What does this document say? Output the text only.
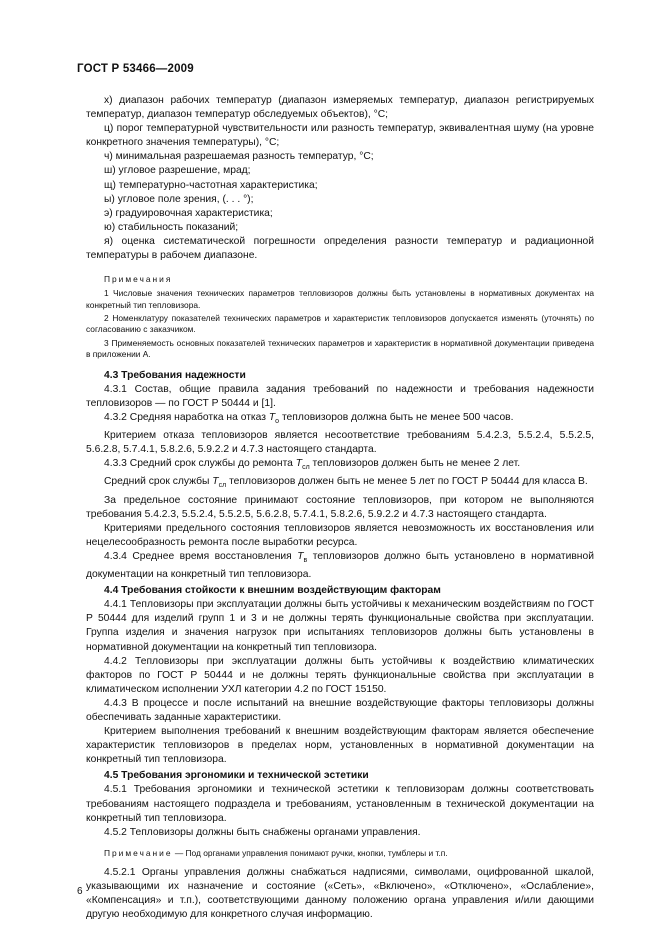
ГОСТ Р 53466—2009

х) диапазон рабочих температур (диапазон измеряемых температур, диапазон регистрируемых температур, диапазон температур обследуемых объектов), °С;

ц) порог температурной чувствительности или разность температур, эквивалентная шуму (на уровне конкретного значения температуры), °С;

ч) минимальная разрешаемая разность температур, °С;

ш) угловое разрешение, мрад;

щ) температурно-частотная характеристика;

ы) угловое поле зрения, (. . . °);

э) градуировочная характеристика;

ю) стабильность показаний;

я) оценка систематической погрешности определения разности температур и радиационной температуры в рабочем диапазоне.

Примечания

1 Числовые значения технических параметров тепловизоров должны быть установлены в нормативных документах на конкретный тип тепловизора.

2 Номенклатуру показателей технических параметров и характеристик тепловизоров допускается изменять (уточнять) по согласованию с заказчиком.

3 Применяемость основных показателей технических параметров и характеристик в нормативной документации приведена в приложении А.

4.3 Требования надежности

4.3.1 Состав, общие правила задания требований по надежности и требования надежности тепловизоров — по ГОСТ Р 50444 и [1].

4.3.2 Средняя наработка на отказ $T_o$ тепловизоров должна быть не менее 500 часов.

Критерием отказа тепловизоров является несоответствие требованиям 5.4.2.3, 5.5.2.4, 5.5.2.5, 5.6.2.8, 5.7.4.1, 5.8.2.6, 5.9.2.2 и 4.7.3 настоящего стандарта.

4.3.3 Средний срок службы до ремонта $T_{сл}$ тепловизоров должен быть не менее 2 лет.

Средний срок службы $T_{сл}$ тепловизоров должен быть не менее 5 лет по ГОСТ Р 50444 для класса В.

За предельное состояние принимают состояние тепловизоров, при котором не выполняются требования 5.4.2.3, 5.5.2.4, 5.5.2.5, 5.6.2.8, 5.7.4.1, 5.8.2.6, 5.9.2.2 и 4.7.3 настоящего стандарта.

Критериями предельного состояния тепловизоров является невозможность их восстановления или нецелесообразность ремонта после выработки ресурса.

4.3.4 Среднее время восстановления $T_в$ тепловизоров должно быть установлено в нормативной документации на конкретный тип тепловизора.

4.4 Требования стойкости к внешним воздействующим факторам

4.4.1 Тепловизоры при эксплуатации должны быть устойчивы к механическим воздействиям по ГОСТ Р 50444 для изделий групп 1 и 3 и не должны терять функциональные свойства при эксплуатации. Группа изделия и значения нагрузок при испытаниях тепловизоров должны быть установлены в нормативной документации на конкретный тип тепловизора.

4.4.2 Тепловизоры при эксплуатации должны быть устойчивы к воздействию климатических факторов по ГОСТ Р 50444 и не должны терять функциональные свойства при эксплуатации в климатическом исполнении УХЛ категории 4.2 по ГОСТ 15150.

4.4.3 В процессе и после испытаний на внешние воздействующие факторы тепловизоры должны обеспечивать заданные характеристики.

Критерием выполнения требований к внешним воздействующим факторам является обеспечение характеристик тепловизоров в пределах норм, установленных в нормативной документации на конкретный тип тепловизора.

4.5 Требования эргономики и технической эстетики

4.5.1 Требования эргономики и технической эстетики к тепловизорам должны соответствовать требованиям настоящего подраздела и требованиям, установленным в технической документации на конкретный тип тепловизора.

4.5.2 Тепловизоры должны быть снабжены органами управления.

Примечание — Под органами управления понимают ручки, кнопки, тумблеры и т.п.

4.5.2.1 Органы управления должны снабжаться надписями, символами, оцифрованной шкалой, указывающими их назначение и состояние («Сеть», «Включено», «Отключено», «Ослабление», «Компенсация» и т.п.), соответствующими данному положению органа управления и/или дающими другую необходимую для конкретного случая информацию.

6
